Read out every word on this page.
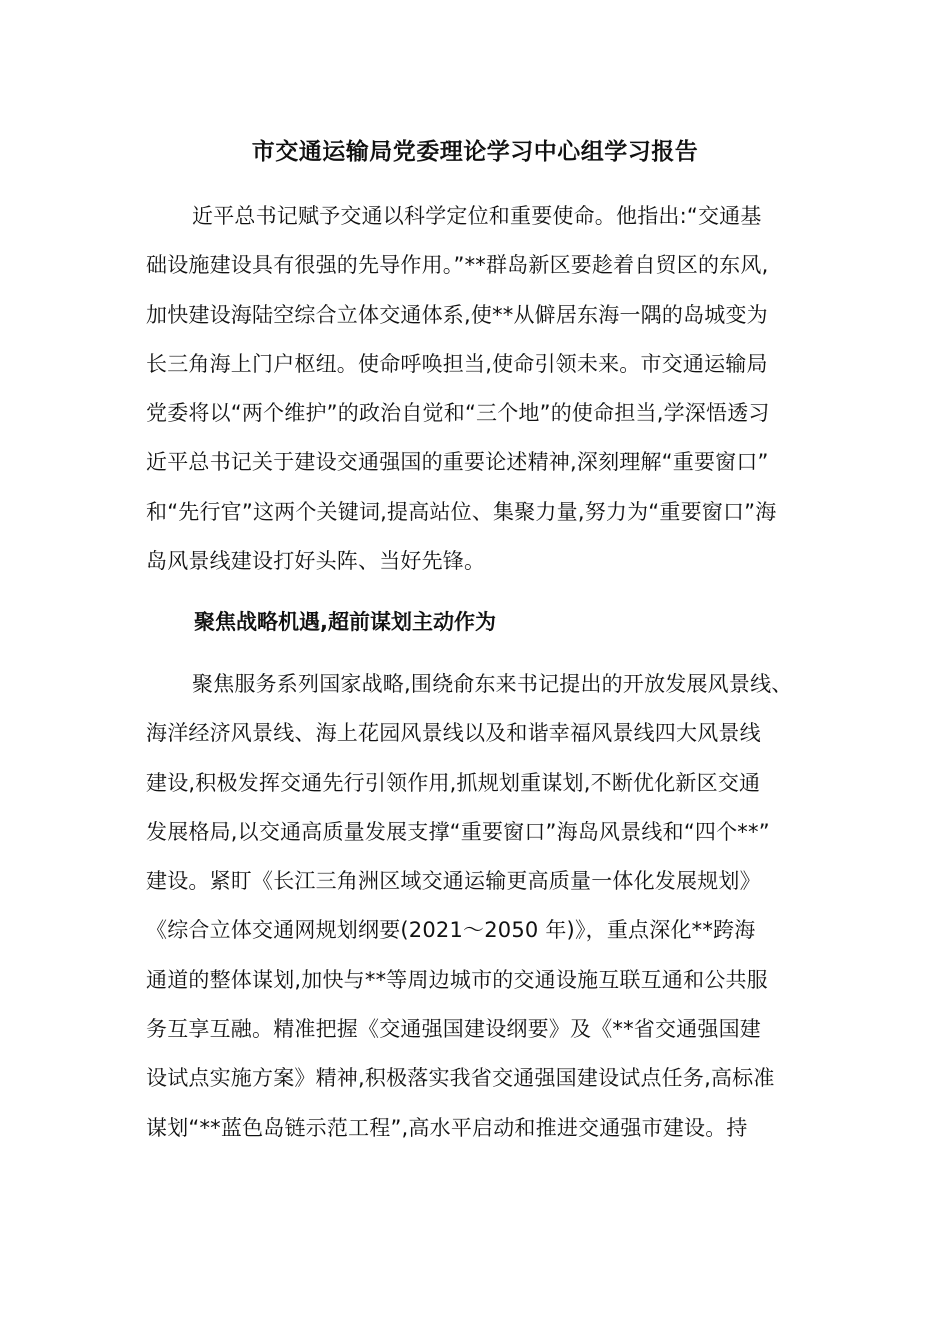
市交通运输局党委理论学习中心组学习报告
近平总书记赋予交通以科学定位和重要使命。他指出:“交通基
础设施建设具有很强的先导作用。”**群岛新区要趁着自贸区的东风,
加快建设海陆空综合立体交通体系,使**从僻居东海一隅的岛城变为
长三角海上门户枢纽。使命呼唤担当,使命引领未来。市交通运输局
党委将以“两个维护”的政治自觉和“三个地”的使命担当,学深悟透习
近平总书记关于建设交通强国的重要论述精神,深刻理解“重要窗口”
和“先行官”这两个关键词,提高站位、集聚力量,努力为“重要窗口”海
岛风景线建设打好头阵、当好先锋。
聚焦战略机遇,超前谋划主动作为
聚焦服务系列国家战略,围绕俞东来书记提出的开放发展风景线、
海洋经济风景线、海上花园风景线以及和谐幸福风景线四大风景线
建设,积极发挥交通先行引领作用,抓规划重谋划,不断优化新区交通
发展格局,以交通高质量发展支撑“重要窗口”海岛风景线和“四个**”
建设。紧盯《长江三角洲区域交通运输更高质量一体化发展规划》
《综合立体交通网规划纲要(2021～2050 年)》，重点深化**跨海
通道的整体谋划,加快与**等周边城市的交通设施互联互通和公共服
务互享互融。精准把握《交通强国建设纲要》及《**省交通强国建
设试点实施方案》精神,积极落实我省交通强国建设试点任务,高标准
谋划“**蓝色岛链示范工程”,高水平启动和推进交通强市建设。持
